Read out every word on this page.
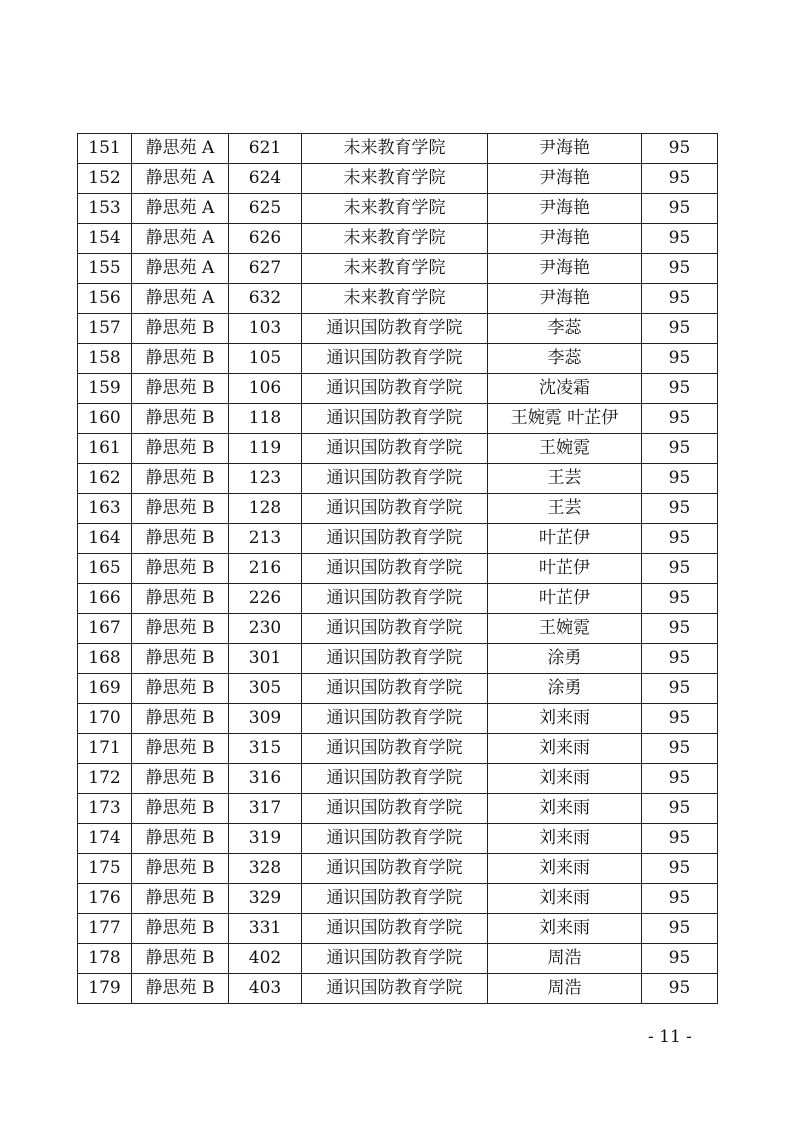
151	静思苑 A	621	未来教育学院	尹海艳	95
152	静思苑 A	624	未来教育学院	尹海艳	95
153	静思苑 A	625	未来教育学院	尹海艳	95
154	静思苑 A	626	未来教育学院	尹海艳	95
155	静思苑 A	627	未来教育学院	尹海艳	95
156	静思苑 A	632	未来教育学院	尹海艳	95
157	静思苑 B	103	通识国防教育学院	李蕊	95
158	静思苑 B	105	通识国防教育学院	李蕊	95
159	静思苑 B	106	通识国防教育学院	沈凌霜	95
160	静思苑 B	118	通识国防教育学院	王婉霓 叶芷伊	95
161	静思苑 B	119	通识国防教育学院	王婉霓	95
162	静思苑 B	123	通识国防教育学院	王芸	95
163	静思苑 B	128	通识国防教育学院	王芸	95
164	静思苑 B	213	通识国防教育学院	叶芷伊	95
165	静思苑 B	216	通识国防教育学院	叶芷伊	95
166	静思苑 B	226	通识国防教育学院	叶芷伊	95
167	静思苑 B	230	通识国防教育学院	王婉霓	95
168	静思苑 B	301	通识国防教育学院	涂勇	95
169	静思苑 B	305	通识国防教育学院	涂勇	95
170	静思苑 B	309	通识国防教育学院	刘来雨	95
171	静思苑 B	315	通识国防教育学院	刘来雨	95
172	静思苑 B	316	通识国防教育学院	刘来雨	95
173	静思苑 B	317	通识国防教育学院	刘来雨	95
174	静思苑 B	319	通识国防教育学院	刘来雨	95
175	静思苑 B	328	通识国防教育学院	刘来雨	95
176	静思苑 B	329	通识国防教育学院	刘来雨	95
177	静思苑 B	331	通识国防教育学院	刘来雨	95
178	静思苑 B	402	通识国防教育学院	周浩	95
179	静思苑 B	403	通识国防教育学院	周浩	95
- 11 -
